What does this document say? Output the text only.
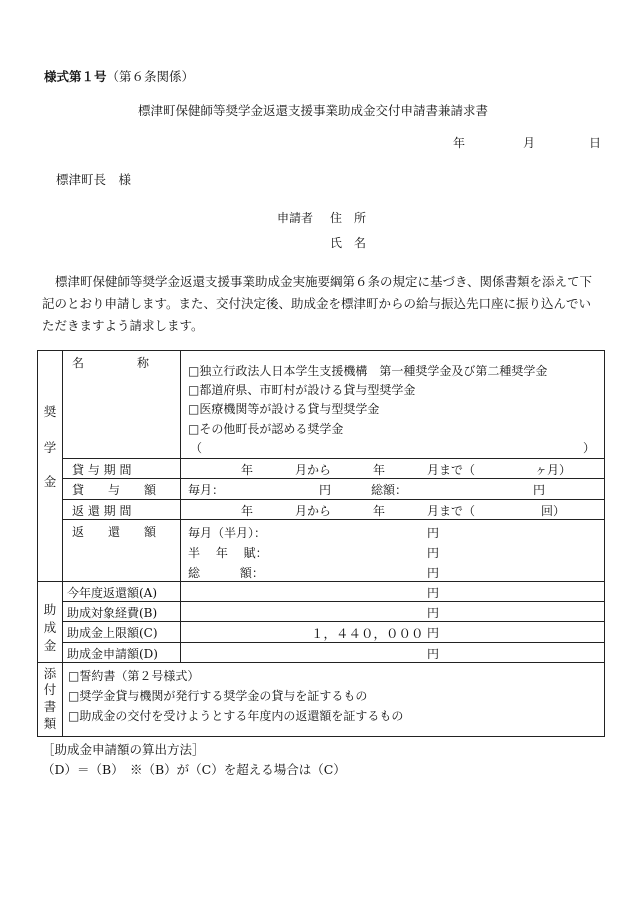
様式第１号（第６条関係）
標津町保健師等奨学金返還支援事業助成金交付申請書兼請求書
年	月	日
標津町長　様
申請者 住　所
氏　名
標津町保健師等奨学金返還支援事業助成金実施要綱第６条の規定に基づき、関係書類を添えて下記のとおり申請します。また、交付決定後、助成金を標津町からの給与振込先口座に振り込んでいただきますよう請求します。
奨
学
金
名	称
□独立行政法人日本学生支援機構　第一種奨学金及び第二種奨学金
□都道府県、市町村が設ける貸与型奨学金
□医療機関等が設ける貸与型奨学金
□その他町長が認める奨学金
（	）
貸 与 期 間	年	月から	年	月まで（	ヶ月）
貸　　与　　額	毎月：	円	総額：	円
返 還 期 間	年	月から	年	月まで（	回）
返　　還　　額	毎月（半月）：	円
半　 年　 賦：	円
総　　　 額：	円
助
成
金
今年度返還額(A)	円
助成対象経費(B)	円
助成金上限額(C)	１，４４０，０００ 円
助成金申請額(D)	円
添
付
書
類
□誓約書（第２号様式）
□奨学金貸与機関が発行する奨学金の貸与を証するもの
□助成金の交付を受けようとする年度内の返還額を証するもの
［助成金申請額の算出方法］
（D）＝（B）　※（B）が（C）を超える場合は（C）
